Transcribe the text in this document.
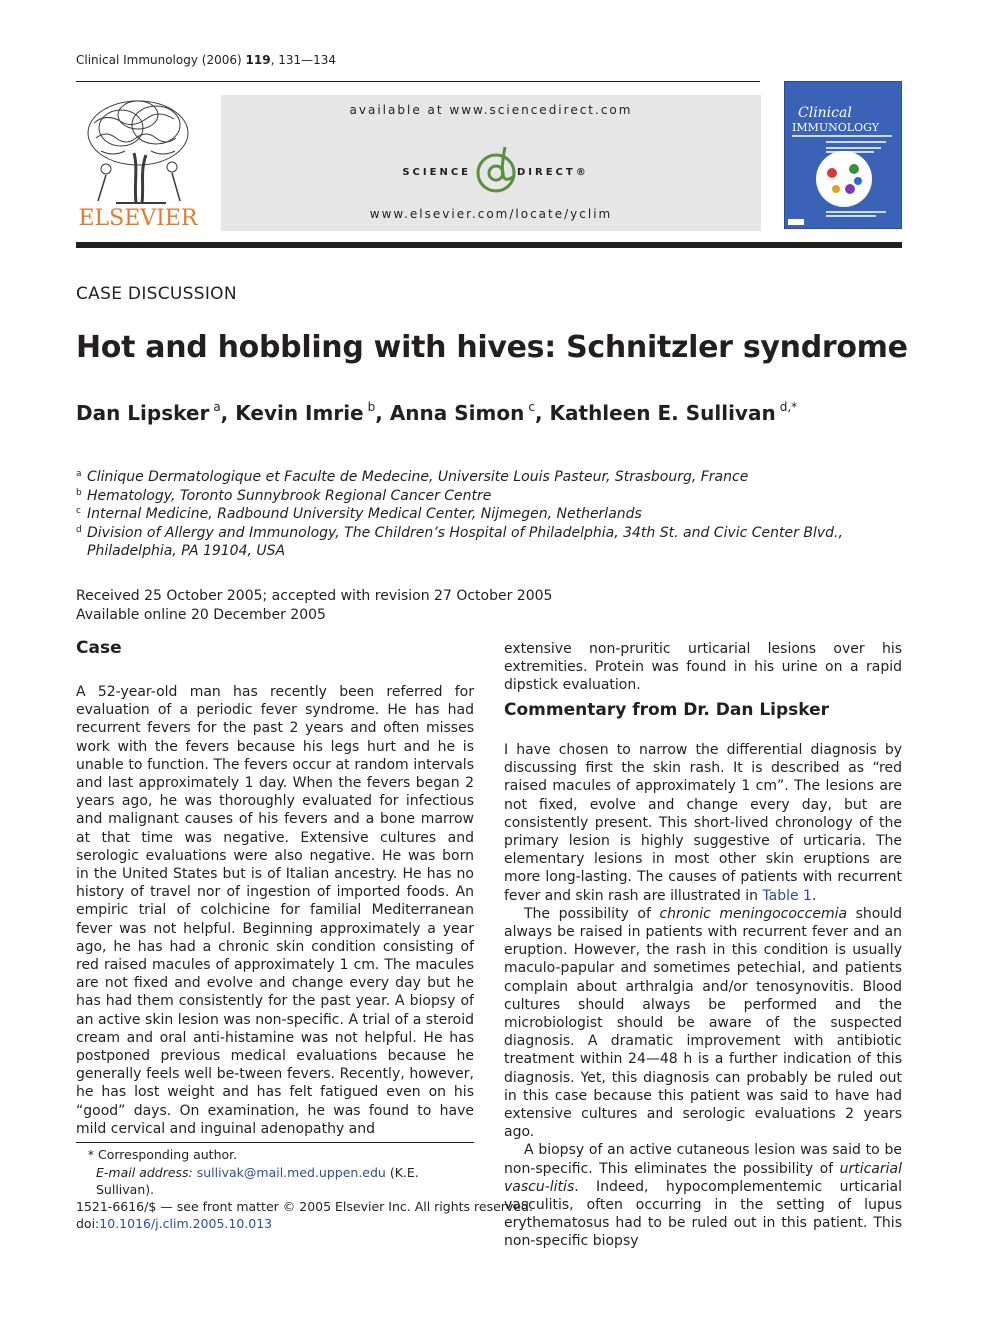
Clinical Immunology (2006) 119, 131—134
ELSEVIER
available at www.sciencedirect.com
SCIENCE	DIRECT®
www.elsevier.com/locate/yclim
Clinical
IMMUNOLOGY
CASE DISCUSSION
Hot and hobbling with hives: Schnitzler syndrome
Dan Lipsker $^a$, Kevin Imrie $^b$, Anna Simon $^c$, Kathleen E. Sullivan $^{d,*}$
a Clinique Dermatologique et Faculte de Medecine, Universite Louis Pasteur, Strasbourg, France
b Hematology, Toronto Sunnybrook Regional Cancer Centre
c Internal Medicine, Radbound University Medical Center, Nijmegen, Netherlands
d Division of Allergy and Immunology, The Children’s Hospital of Philadelphia, 34th St. and Civic Center Blvd., Philadelphia, PA 19104, USA
Received 25 October 2005; accepted with revision 27 October 2005
Available online 20 December 2005
Case
A 52-year-old man has recently been referred for evaluation of a periodic fever syndrome. He has had recurrent fevers for the past 2 years and often misses work with the fevers because his legs hurt and he is unable to function. The fevers occur at random intervals and last approximately 1 day. When the fevers began 2 years ago, he was thoroughly evaluated for infectious and malignant causes of his fevers and a bone marrow at that time was negative. Extensive cultures and serologic evaluations were also negative. He was born in the United States but is of Italian ancestry. He has no history of travel nor of ingestion of imported foods. An empiric trial of colchicine for familial Mediterranean fever was not helpful. Beginning approximately a year ago, he has had a chronic skin condition consisting of red raised macules of approximately 1 cm. The macules are not fixed and evolve and change every day but he has had them consistently for the past year. A biopsy of an active skin lesion was non-specific. A trial of a steroid cream and oral anti-histamine was not helpful. He has postponed previous medical evaluations because he generally feels well be-tween fevers. Recently, however, he has lost weight and has felt fatigued even on his “good” days. On examination, he was found to have mild cervical and inguinal adenopathy and
extensive non-pruritic urticarial lesions over his extremities. Protein was found in his urine on a rapid dipstick evaluation.
Commentary from Dr. Dan Lipsker
I have chosen to narrow the differential diagnosis by discussing first the skin rash. It is described as “red raised macules of approximately 1 cm”. The lesions are not fixed, evolve and change every day, but are consistently present. This short-lived chronology of the primary lesion is highly suggestive of urticaria. The elementary lesions in most other skin eruptions are more long-lasting. The causes of patients with recurrent fever and skin rash are illustrated in Table 1.
The possibility of chronic meningococcemia should always be raised in patients with recurrent fever and an eruption. However, the rash in this condition is usually maculo-papular and sometimes petechial, and patients complain about arthralgia and/or tenosynovitis. Blood cultures should always be performed and the microbiologist should be aware of the suspected diagnosis. A dramatic improvement with antibiotic treatment within 24—48 h is a further indication of this diagnosis. Yet, this diagnosis can probably be ruled out in this case because this patient was said to have had extensive cultures and serologic evaluations 2 years ago.
A biopsy of an active cutaneous lesion was said to be non-specific. This eliminates the possibility of urticarial vascu-litis. Indeed, hypocomplementemic urticarial vasculitis, often occurring in the setting of lupus erythematosus had to be ruled out in this patient. This non-specific biopsy
* Corresponding author.
E-mail address: sullivak@mail.med.uppen.edu (K.E. Sullivan).
1521-6616/$ — see front matter © 2005 Elsevier Inc. All rights reserved.
doi:10.1016/j.clim.2005.10.013
